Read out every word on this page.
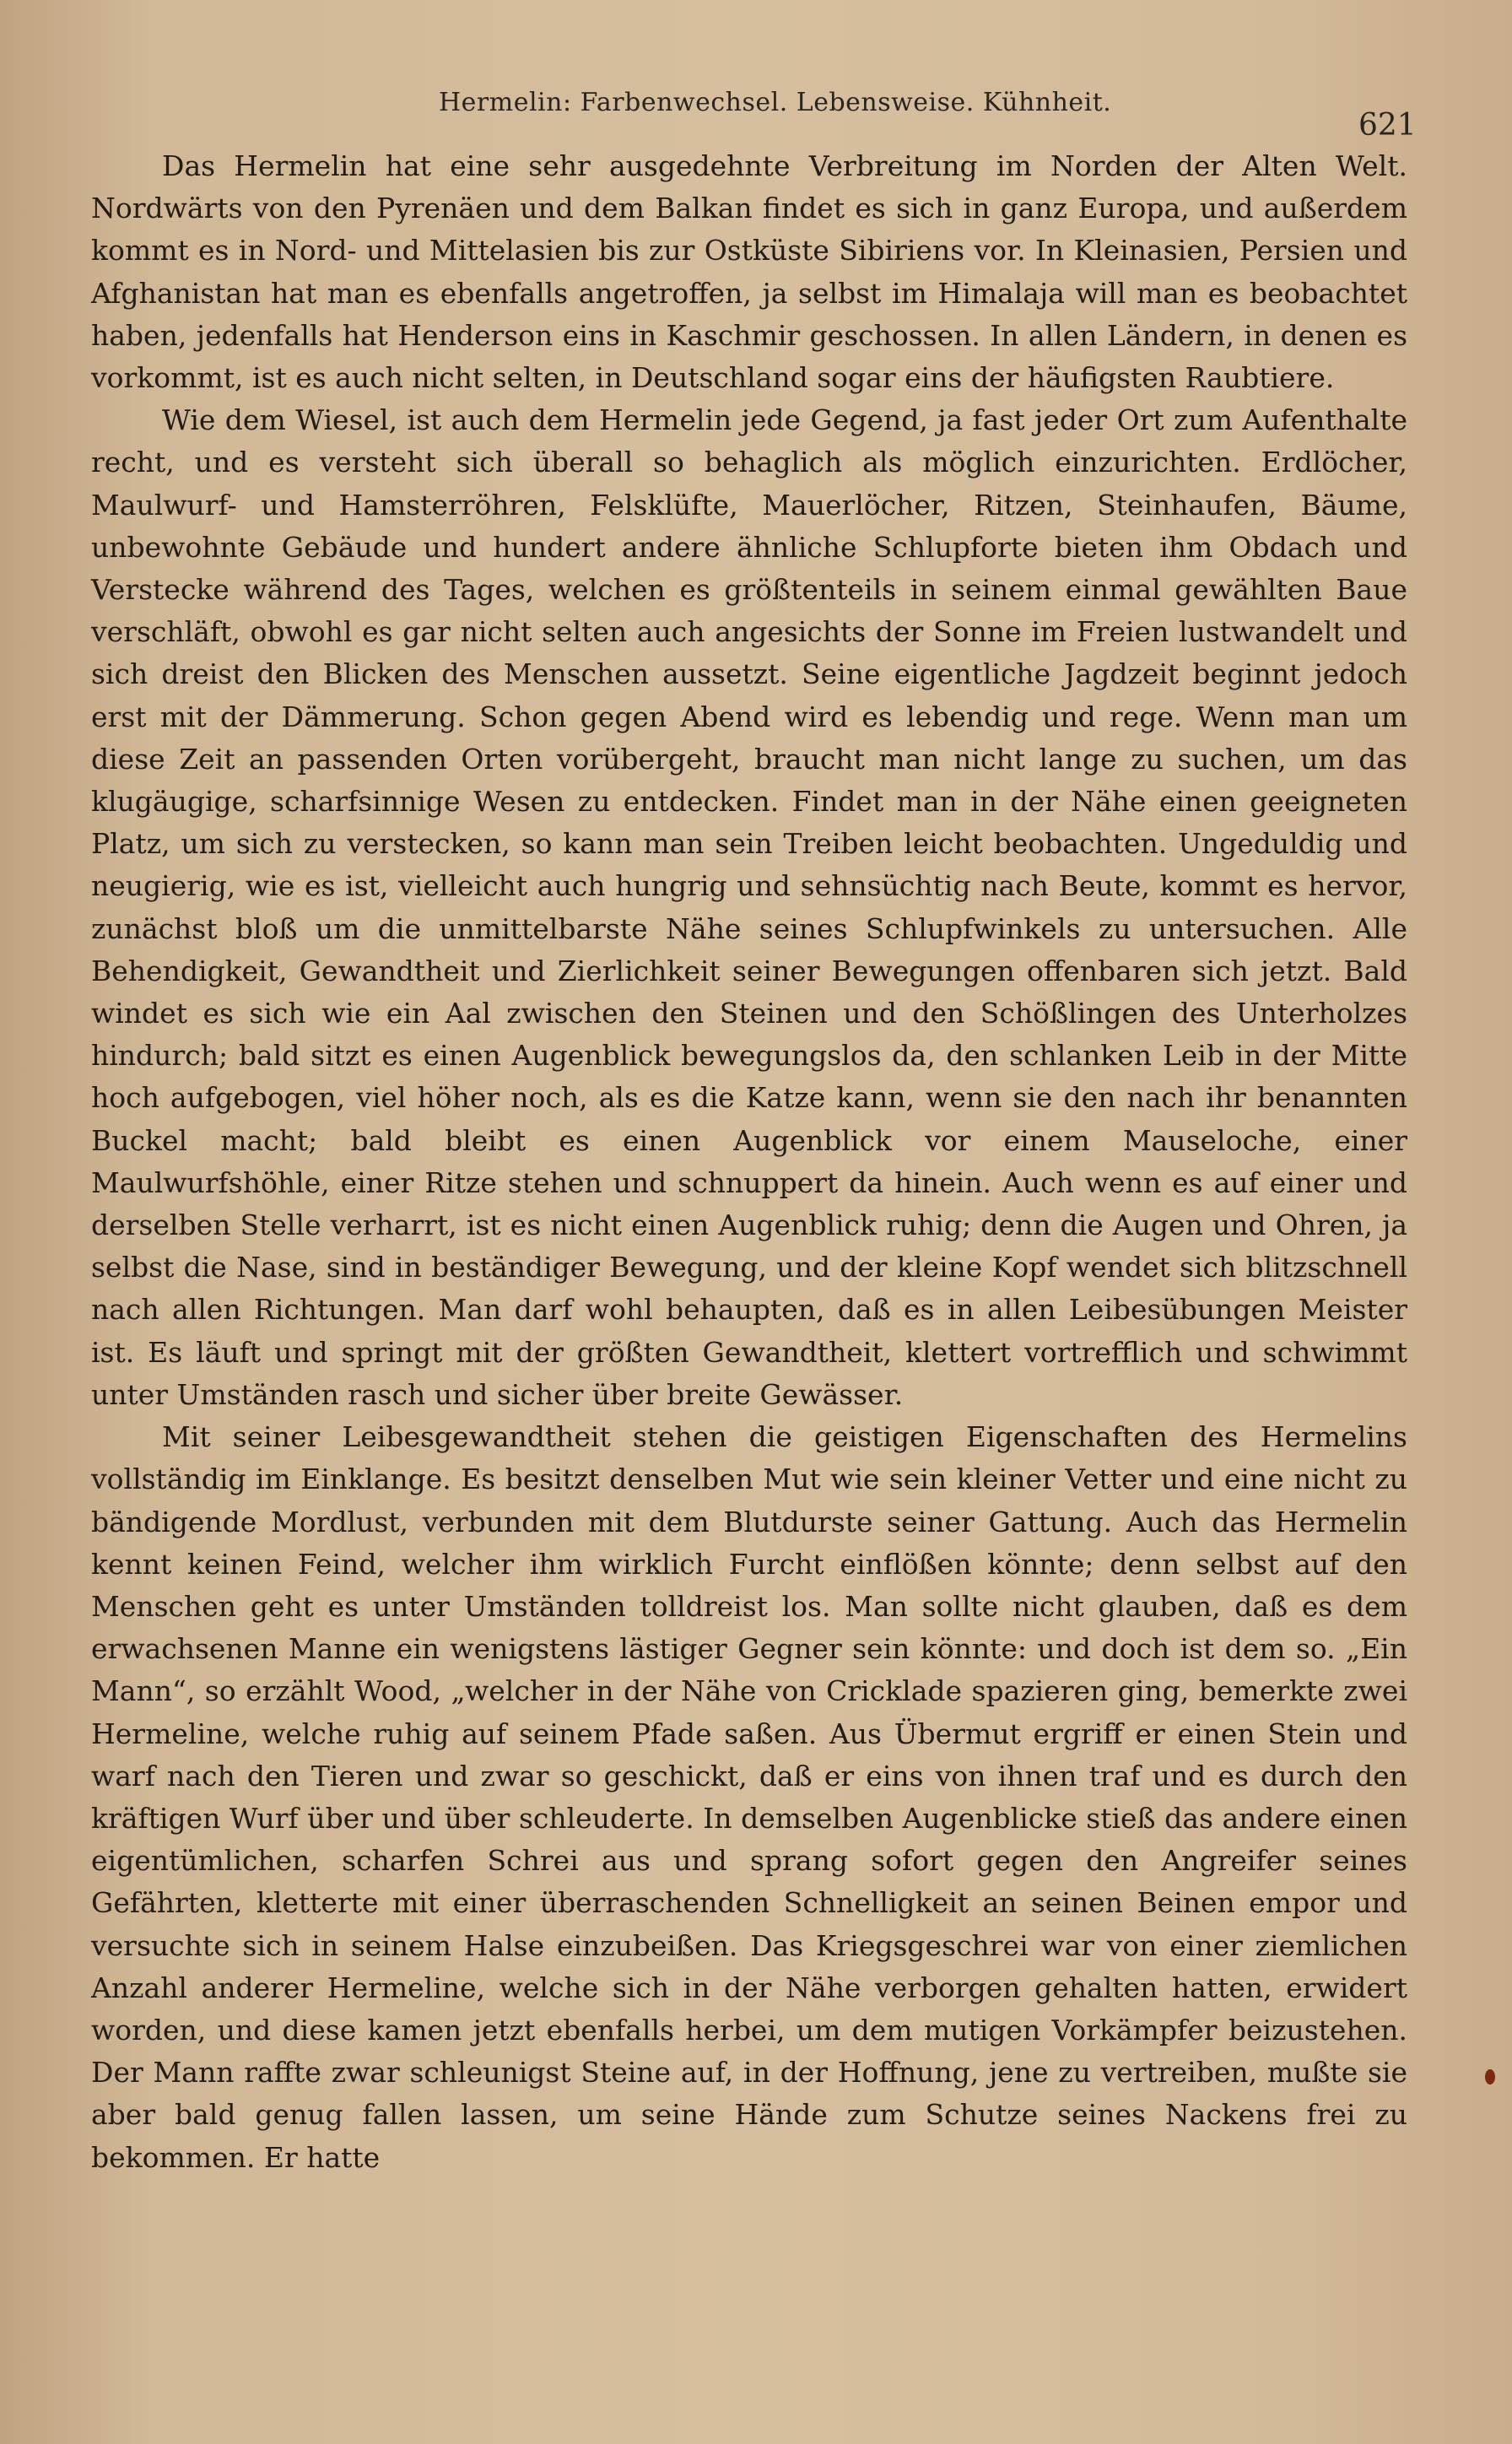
Hermelin: Farbenwechsel. Lebensweise. Kühnheit.
621

Das Hermelin hat eine sehr ausgedehnte Verbreitung im Norden der Alten Welt. Nordwärts von den Pyrenäen und dem Balkan findet es sich in ganz Europa, und außerdem kommt es in Nord- und Mittelasien bis zur Ostküste Sibiriens vor. In Kleinasien, Persien und Afghanistan hat man es ebenfalls angetroffen, ja selbst im Himalaja will man es beobachtet haben, jedenfalls hat Henderson eins in Kaschmir geschossen. In allen Ländern, in denen es vorkommt, ist es auch nicht selten, in Deutschland sogar eins der häufigsten Raubtiere.

Wie dem Wiesel, ist auch dem Hermelin jede Gegend, ja fast jeder Ort zum Aufenthalte recht, und es versteht sich überall so behaglich als möglich einzurichten. Erdlöcher, Maulwurf- und Hamsterröhren, Felsklüfte, Mauerlöcher, Ritzen, Steinhaufen, Bäume, unbewohnte Gebäude und hundert andere ähnliche Schlupforte bieten ihm Obdach und Verstecke während des Tages, welchen es größtenteils in seinem einmal gewählten Baue verschläft, obwohl es gar nicht selten auch angesichts der Sonne im Freien lustwandelt und sich dreist den Blicken des Menschen aussetzt. Seine eigentliche Jagdzeit beginnt jedoch erst mit der Dämmerung. Schon gegen Abend wird es lebendig und rege. Wenn man um diese Zeit an passenden Orten vorübergeht, braucht man nicht lange zu suchen, um das klugäugige, scharfsinnige Wesen zu entdecken. Findet man in der Nähe einen geeigneten Platz, um sich zu verstecken, so kann man sein Treiben leicht beobachten. Ungeduldig und neugierig, wie es ist, vielleicht auch hungrig und sehnsüchtig nach Beute, kommt es hervor, zunächst bloß um die unmittelbarste Nähe seines Schlupfwinkels zu untersuchen. Alle Behendigkeit, Gewandtheit und Zierlichkeit seiner Bewegungen offenbaren sich jetzt. Bald windet es sich wie ein Aal zwischen den Steinen und den Schößlingen des Unterholzes hindurch; bald sitzt es einen Augenblick bewegungslos da, den schlanken Leib in der Mitte hoch aufgebogen, viel höher noch, als es die Katze kann, wenn sie den nach ihr benannten Buckel macht; bald bleibt es einen Augenblick vor einem Mauseloche, einer Maulwurfshöhle, einer Ritze stehen und schnuppert da hinein. Auch wenn es auf einer und derselben Stelle verharrt, ist es nicht einen Augenblick ruhig; denn die Augen und Ohren, ja selbst die Nase, sind in beständiger Bewegung, und der kleine Kopf wendet sich blitzschnell nach allen Richtungen. Man darf wohl behaupten, daß es in allen Leibesübungen Meister ist. Es läuft und springt mit der größten Gewandtheit, klettert vortrefflich und schwimmt unter Umständen rasch und sicher über breite Gewässer.

Mit seiner Leibesgewandtheit stehen die geistigen Eigenschaften des Hermelins vollständig im Einklange. Es besitzt denselben Mut wie sein kleiner Vetter und eine nicht zu bändigende Mordlust, verbunden mit dem Blutdurste seiner Gattung. Auch das Hermelin kennt keinen Feind, welcher ihm wirklich Furcht einflößen könnte; denn selbst auf den Menschen geht es unter Umständen tolldreist los. Man sollte nicht glauben, daß es dem erwachsenen Manne ein wenigstens lästiger Gegner sein könnte: und doch ist dem so. „Ein Mann“, so erzählt Wood, „welcher in der Nähe von Cricklade spazieren ging, bemerkte zwei Hermeline, welche ruhig auf seinem Pfade saßen. Aus Übermut ergriff er einen Stein und warf nach den Tieren und zwar so geschickt, daß er eins von ihnen traf und es durch den kräftigen Wurf über und über schleuderte. In demselben Augenblicke stieß das andere einen eigentümlichen, scharfen Schrei aus und sprang sofort gegen den Angreifer seines Gefährten, kletterte mit einer überraschenden Schnelligkeit an seinen Beinen empor und versuchte sich in seinem Halse einzubeißen. Das Kriegsgeschrei war von einer ziemlichen Anzahl anderer Hermeline, welche sich in der Nähe verborgen gehalten hatten, erwidert worden, und diese kamen jetzt ebenfalls herbei, um dem mutigen Vorkämpfer beizustehen. Der Mann raffte zwar schleunigst Steine auf, in der Hoffnung, jene zu vertreiben, mußte sie aber bald genug fallen lassen, um seine Hände zum Schutze seines Nackens frei zu bekommen. Er hatte
